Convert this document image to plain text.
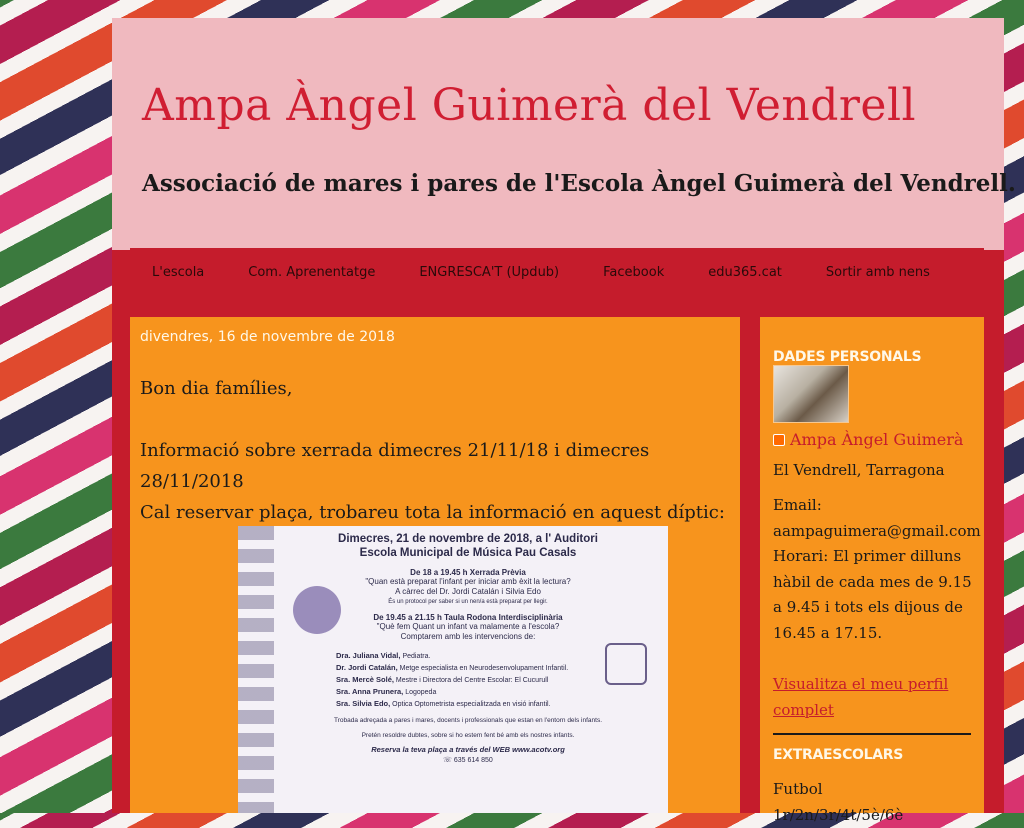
Ampa Àngel Guimerà del Vendrell
Associació de mares i pares de l'Escola Àngel Guimerà del Vendrell.
L'escola	Com. Aprenentatge	ENGRESCA'T (Updub)	Facebook	edu365.cat	Sortir amb nens
divendres, 16 de novembre de 2018

Bon dia famílies,

Informació sobre xerrada dimecres 21/11/18 i dimecres 28/11/2018

Cal reservar plaça, trobareu tota la informació en aquest díptic:

Dimecres, 21 de novembre de 2018, a l' Auditori
Escola Municipal de Música Pau Casals
De 18 a 19.45 h Xerrada Prèvia
"Quan està preparat l'infant per iniciar amb èxit la lectura?
A càrrec del Dr. Jordi Catalán i Silvia Edo
És un protocol per saber si un nen/a està preparat per llegir.
De 19.45 a 21.15 h Taula Rodona Interdisciplinària
"Què fem Quant un infant va malamente a l'escola?
Comptarem amb les intervencions de:
Dra. Juliana Vidal, Pediatra.
Dr. Jordi Catalán, Metge especialista en Neurodesenvolupament Infantil.
Sra. Mercè Solé, Mestre i Directora del Centre Escolar: El Cucurull
Sra. Anna Prunera, Logopeda
Sra. Silvia Edo, Optica Optometrista especialitzada en visió infantil.
Trobada adreçada a pares i mares, docents i professionals que estan en l'entorn dels infants.
Pretén resoldre dubtes, sobre si ho estem fent bé amb els nostres infants.
Reserva la teva plaça a través del WEB www.acotv.org
☏ 635 614 850
DADES PERSONALS
Ampa Àngel Guimerà
El Vendrell, Tarragona

Email:

aampaguimera@gmail.com

Horari: El primer dilluns hàbil de cada mes de 9.15 a 9.45 i tots els dijous de 16.45 a 17.15.

Visualitza el meu perfil complet
EXTRAESCOLARS

Futbol

1r/2n/3r/4t/5è/6è
